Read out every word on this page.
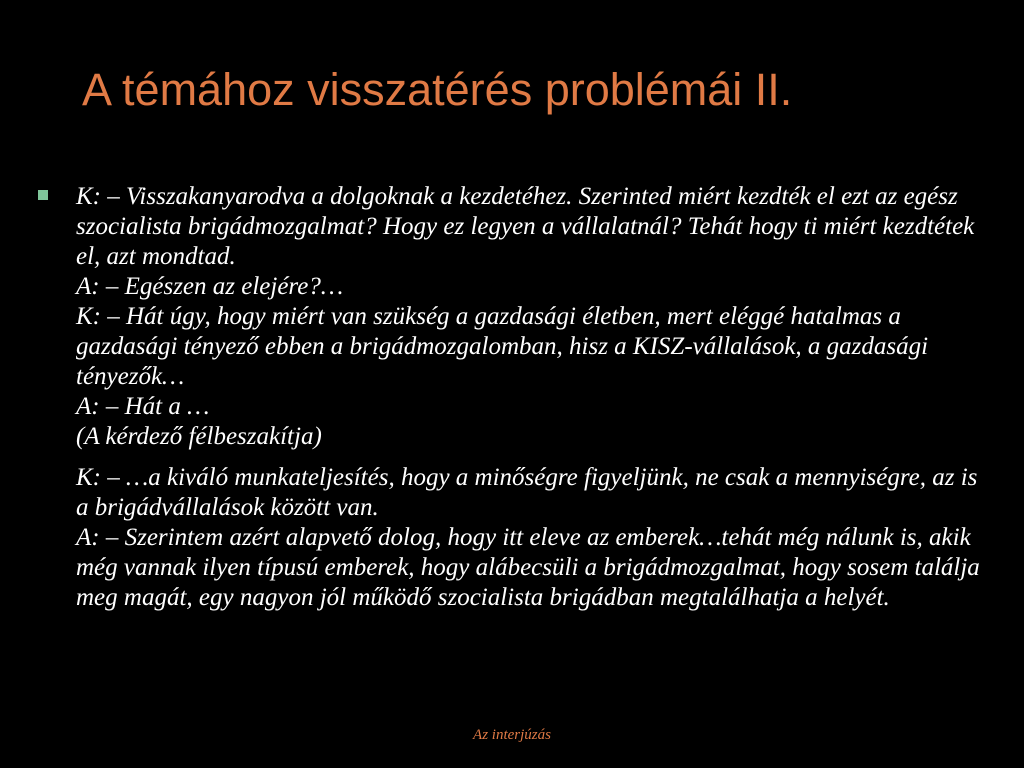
A témához visszatérés problémái II.

K: – Visszakanyarodva a dolgoknak a kezdetéhez. Szerinted miért kezdték el ezt az egész szocialista brigádmozgalmat? Hogy ez legyen a vállalatnál? Tehát hogy ti miért kezdtétek el, azt mondtad.
A: – Egészen az elejére?…
K: – Hát úgy, hogy miért van szükség a gazdasági életben, mert eléggé hatalmas a gazdasági tényező ebben a brigádmozgalomban, hisz a KISZ-vállalások, a gazdasági tényezők…
A: – Hát a …
(A kérdező félbeszakítja)

K: – …a kiváló munkateljesítés, hogy a minőségre figyeljünk, ne csak a mennyiségre, az is a brigádvállalások között van.
A: – Szerintem azért alapvető dolog, hogy itt eleve az emberek…tehát még nálunk is, akik még vannak ilyen típusú emberek, hogy alábecsüli a brigádmozgalmat, hogy sosem találja meg magát, egy nagyon jól működő szocialista brigádban megtalálhatja a helyét.

Az interjúzás
